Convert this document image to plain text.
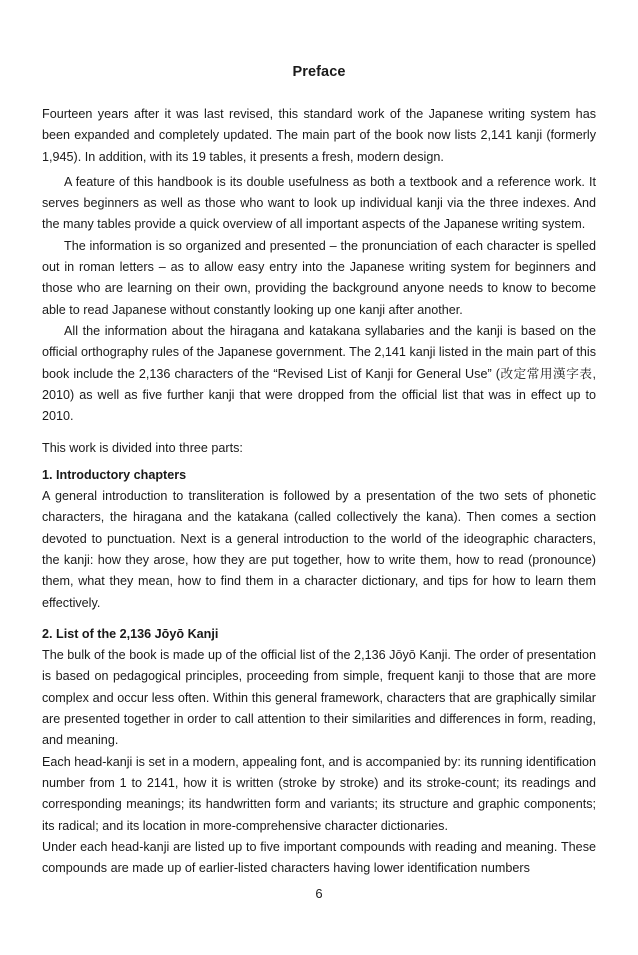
Preface

Fourteen years after it was last revised, this standard work of the Japanese writing system has been expanded and completely updated. The main part of the book now lists 2,141 kanji (formerly 1,945). In addition, with its 19 tables, it presents a fresh, modern design.

A feature of this handbook is its double usefulness as both a textbook and a reference work. It serves beginners as well as those who want to look up individual kanji via the three indexes. And the many tables provide a quick overview of all important aspects of the Japanese writing system.

The information is so organized and presented – the pronunciation of each character is spelled out in roman letters – as to allow easy entry into the Japanese writing system for beginners and those who are learning on their own, providing the background anyone needs to know to become able to read Japanese without constantly looking up one kanji after another.

All the information about the hiragana and katakana syllabaries and the kanji is based on the official orthography rules of the Japanese government. The 2,141 kanji listed in the main part of this book include the 2,136 characters of the “Revised List of Kanji for General Use” (改定常用漢字表, 2010) as well as five further kanji that were dropped from the official list that was in effect up to 2010.

This work is divided into three parts:

1. Introductory chapters

A general introduction to transliteration is followed by a presentation of the two sets of phonetic characters, the hiragana and the katakana (called collectively the kana). Then comes a section devoted to punctuation. Next is a general introduction to the world of the ideographic characters, the kanji: how they arose, how they are put together, how to write them, how to read (pronounce) them, what they mean, how to find them in a character dictionary, and tips for how to learn them effectively.

2. List of the 2,136 Jōyō Kanji

The bulk of the book is made up of the official list of the 2,136 Jōyō Kanji. The order of presentation is based on pedagogical principles, proceeding from simple, frequent kanji to those that are more complex and occur less often. Within this general framework, characters that are graphically similar are presented together in order to call attention to their similarities and differences in form, reading, and meaning.

Each head-kanji is set in a modern, appealing font, and is accompanied by: its running identification number from 1 to 2141, how it is written (stroke by stroke) and its stroke-count; its readings and corresponding meanings; its handwritten form and variants; its structure and graphic components; its radical; and its location in more-comprehensive character dictionaries.

Under each head-kanji are listed up to five important compounds with reading and meaning. These compounds are made up of earlier-listed characters having lower identification numbers

6
